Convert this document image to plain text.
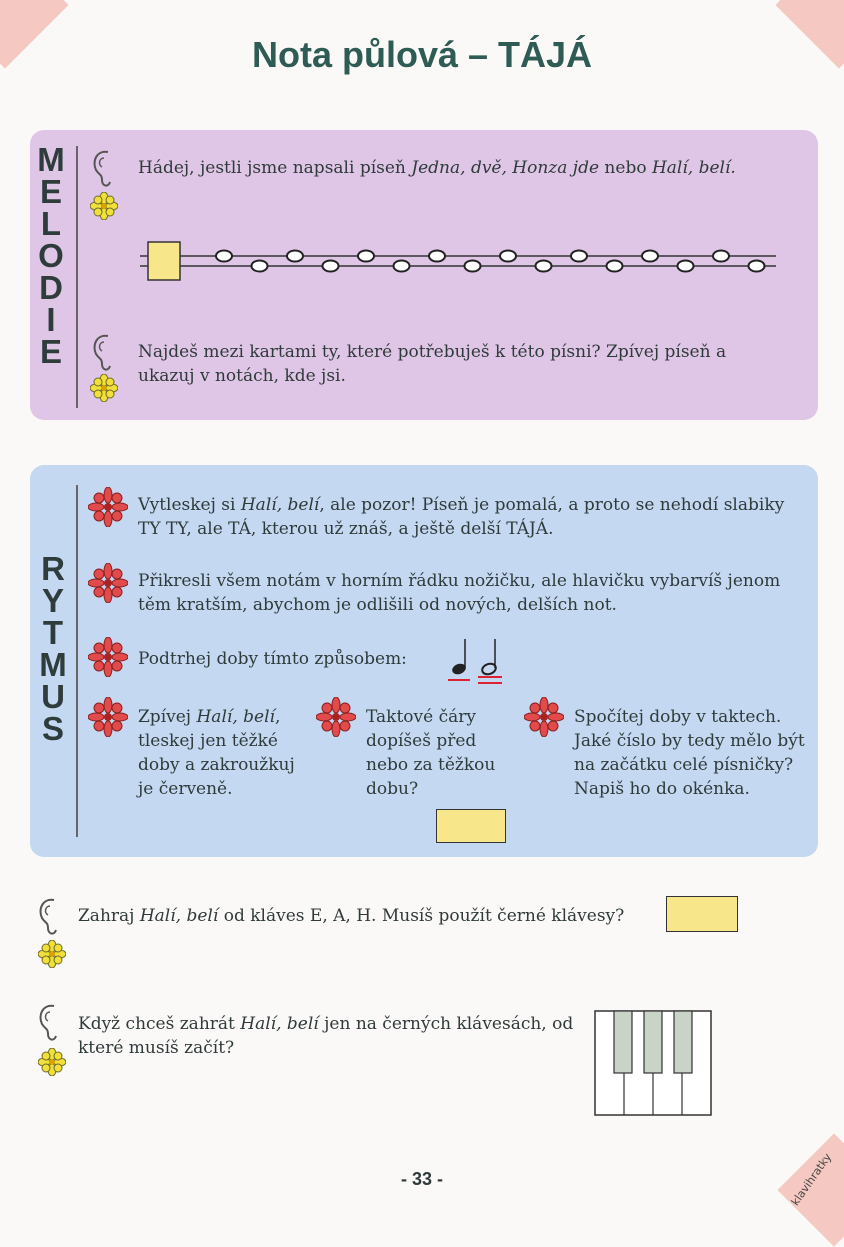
klavihratky
Nota půlová – TÁJÁ
M
E
L
O
D
I
E
Hádej, jestli jsme napsali píseň Jedna, dvě, Honza jde nebo Halí, belí.
Najdeš mezi kartami ty, které potřebuješ k této písni? Zpívej píseň a ukazuj v notách, kde jsi.
R
Y
T
M
U
S
Vytleskej si Halí, belí, ale pozor! Píseň je pomalá, a proto se nehodí slabiky TY TY, ale TÁ, kterou už znáš, a ještě delší TÁJÁ.
Přikresli všem notám v horním řádku nožičku, ale hlavičku vybarvíš jenom těm kratším, abychom je odlišili od nových, delších not.
Podtrhej doby tímto způsobem:
Zpívej Halí, belí, tleskej jen těžké doby a zakroužkuj je červeně.
Taktové čáry dopíšeš před nebo za těžkou dobu?
Spočítej doby v taktech. Jaké číslo by tedy mělo být na začátku celé písničky? Napiš ho do okénka.
Zahraj Halí, belí od kláves E, A, H. Musíš použít černé klávesy?
Když chceš zahrát Halí, belí jen na černých klávesách, od které musíš začít?
- 33 -
